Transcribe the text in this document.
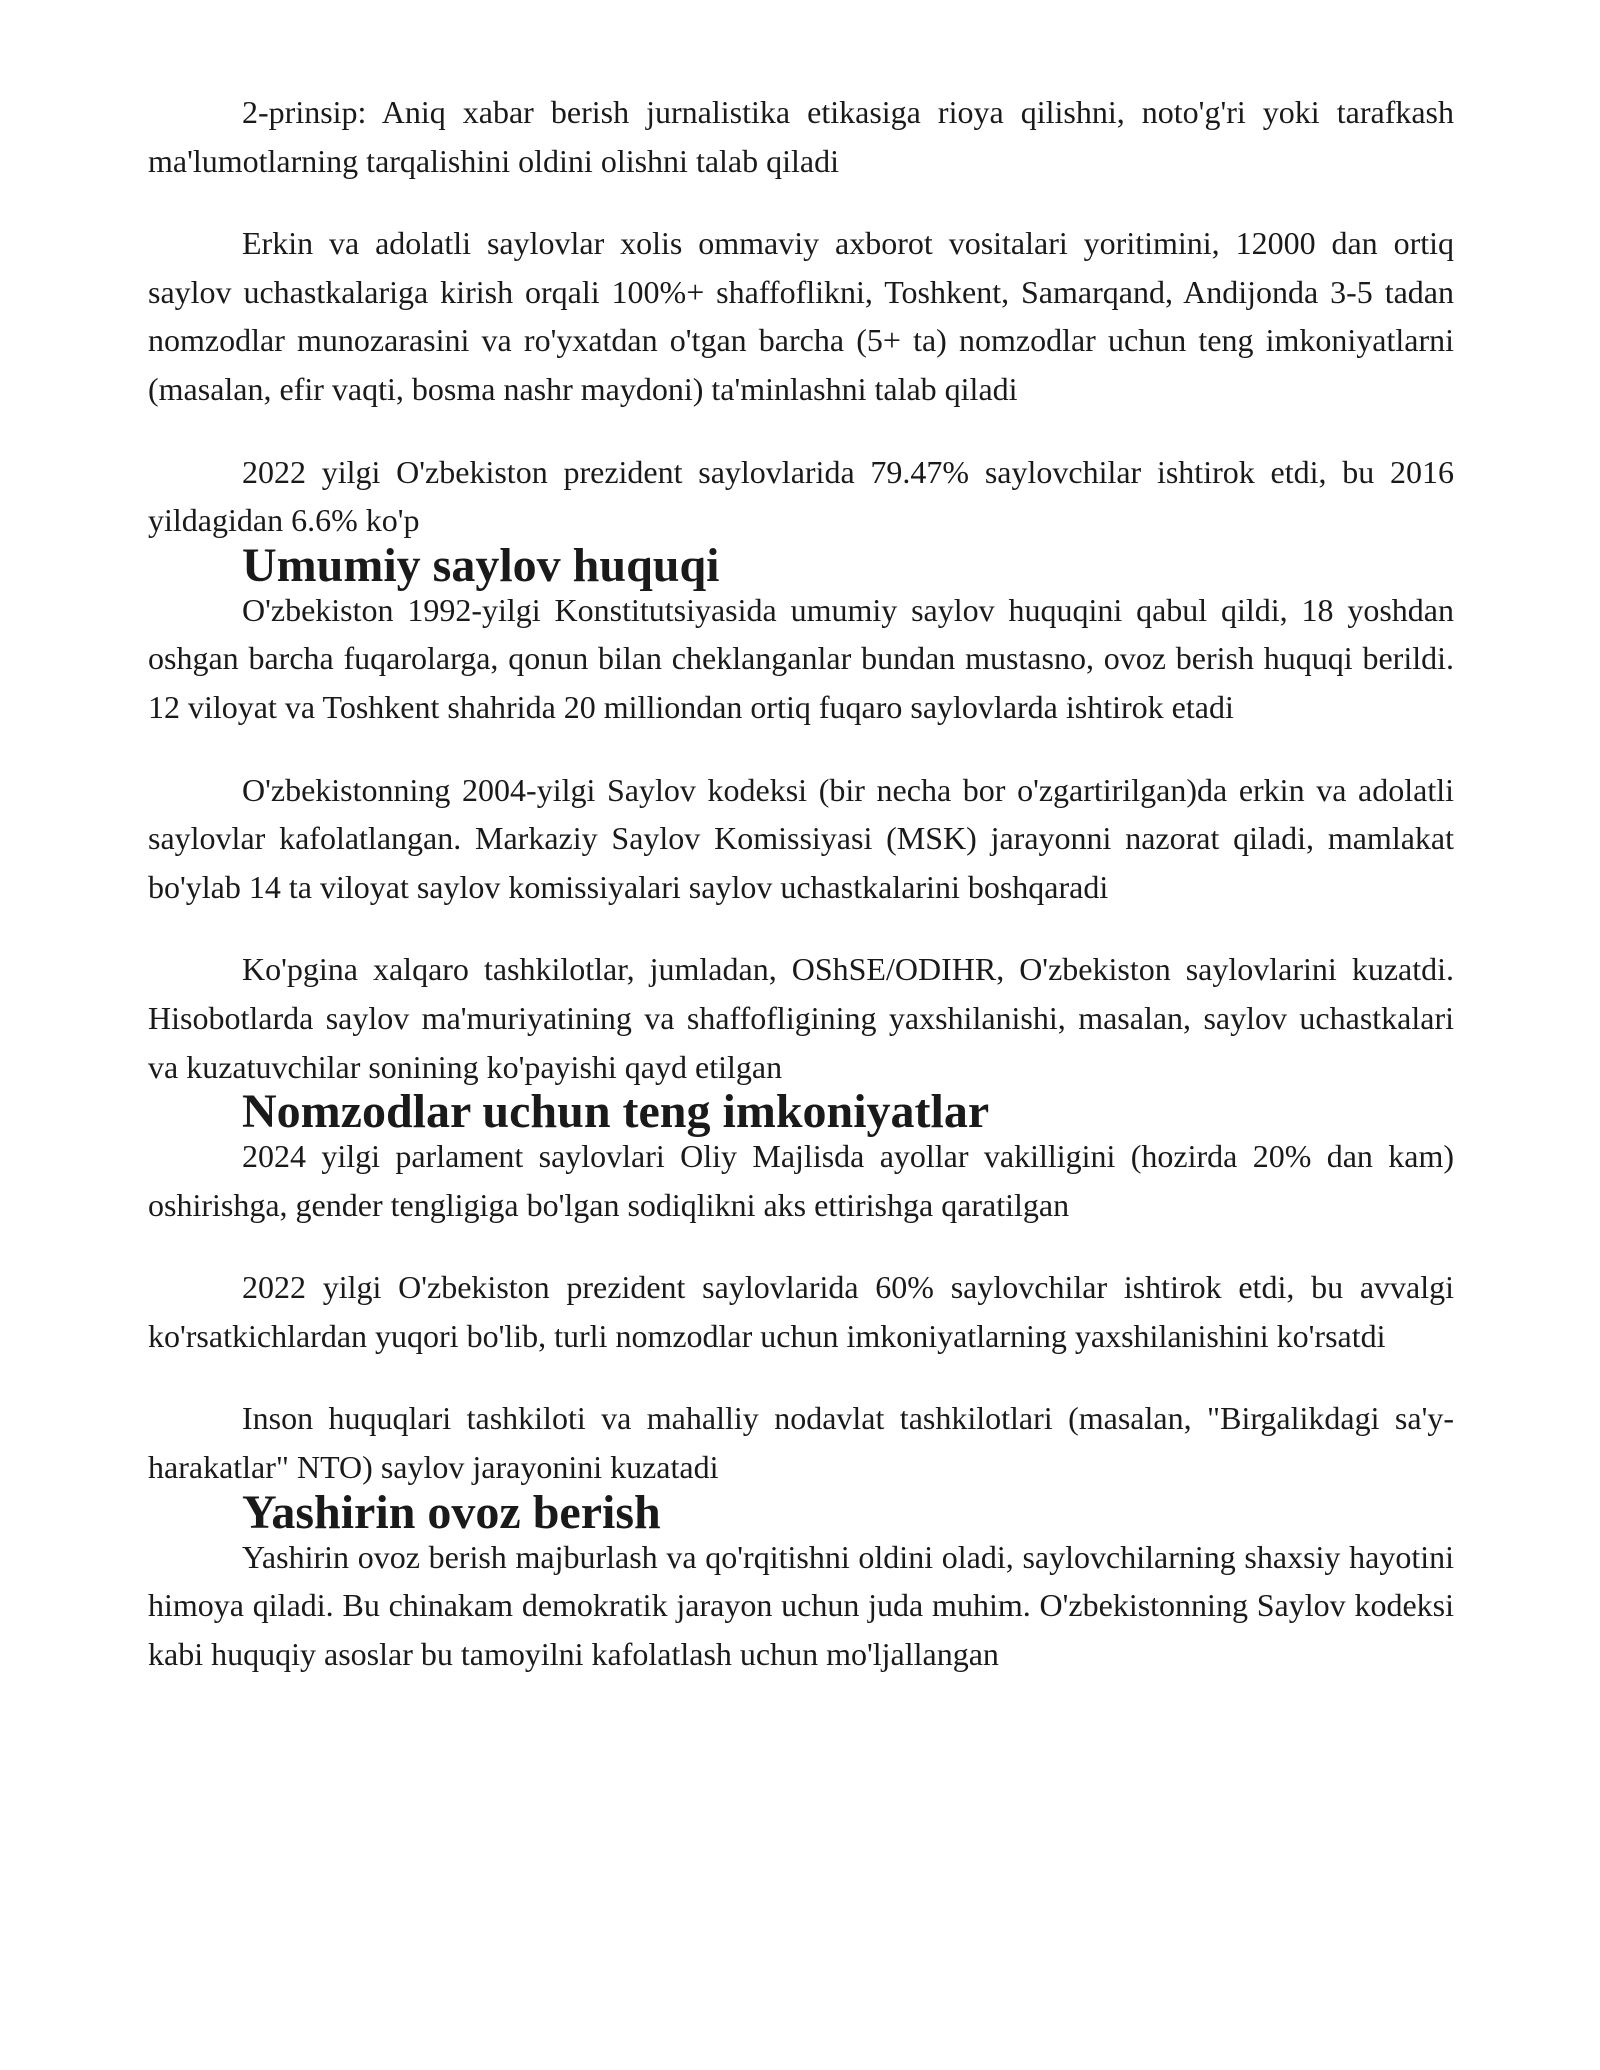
2-prinsip: Aniq xabar berish jurnalistika etikasiga rioya qilishni, noto'g'ri yoki tarafkash ma'lumotlarning tarqalishini oldini olishni talab qiladi

Erkin va adolatli saylovlar xolis ommaviy axborot vositalari yoritimini, 12000 dan ortiq saylov uchastkalariga kirish orqali 100%+ shaffoflikni, Toshkent, Samarqand, Andijonda 3-5 tadan nomzodlar munozarasini va ro'yxatdan o'tgan barcha (5+ ta) nomzodlar uchun teng imkoniyatlarni (masalan, efir vaqti, bosma nashr maydoni) ta'minlashni talab qiladi

2022 yilgi O'zbekiston prezident saylovlarida 79.47% saylovchilar ishtirok etdi, bu 2016 yildagidan 6.6% ko'p

Umumiy saylov huquqi

O'zbekiston 1992-yilgi Konstitutsiyasida umumiy saylov huquqini qabul qildi, 18 yoshdan oshgan barcha fuqarolarga, qonun bilan cheklanganlar bundan mustasno, ovoz berish huquqi berildi. 12 viloyat va Toshkent shahrida 20 milliondan ortiq fuqaro saylovlarda ishtirok etadi

O'zbekistonning 2004-yilgi Saylov kodeksi (bir necha bor o'zgartirilgan)da erkin va adolatli saylovlar kafolatlangan. Markaziy Saylov Komissiyasi (MSK) jarayonni nazorat qiladi, mamlakat bo'ylab 14 ta viloyat saylov komissiyalari saylov uchastkalarini boshqaradi

Ko'pgina xalqaro tashkilotlar, jumladan, OShSE/ODIHR, O'zbekiston saylovlarini kuzatdi. Hisobotlarda saylov ma'muriyatining va shaffofligining yaxshilanishi, masalan, saylov uchastkalari va kuzatuvchilar sonining ko'payishi qayd etilgan

Nomzodlar uchun teng imkoniyatlar

2024 yilgi parlament saylovlari Oliy Majlisda ayollar vakilligini (hozirda 20% dan kam) oshirishga, gender tengligiga bo'lgan sodiqlikni aks ettirishga qaratilgan

2022 yilgi O'zbekiston prezident saylovlarida 60% saylovchilar ishtirok etdi, bu avvalgi ko'rsatkichlardan yuqori bo'lib, turli nomzodlar uchun imkoniyatlarning yaxshilanishini ko'rsatdi

Inson huquqlari tashkiloti va mahalliy nodavlat tashkilotlari (masalan, "Birgalikdagi sa'y-harakatlar" NTO) saylov jarayonini kuzatadi

Yashirin ovoz berish

Yashirin ovoz berish majburlash va qo'rqitishni oldini oladi, saylovchilarning shaxsiy hayotini himoya qiladi. Bu chinakam demokratik jarayon uchun juda muhim. O'zbekistonning Saylov kodeksi kabi huquqiy asoslar bu tamoyilni kafolatlash uchun mo'ljallangan
